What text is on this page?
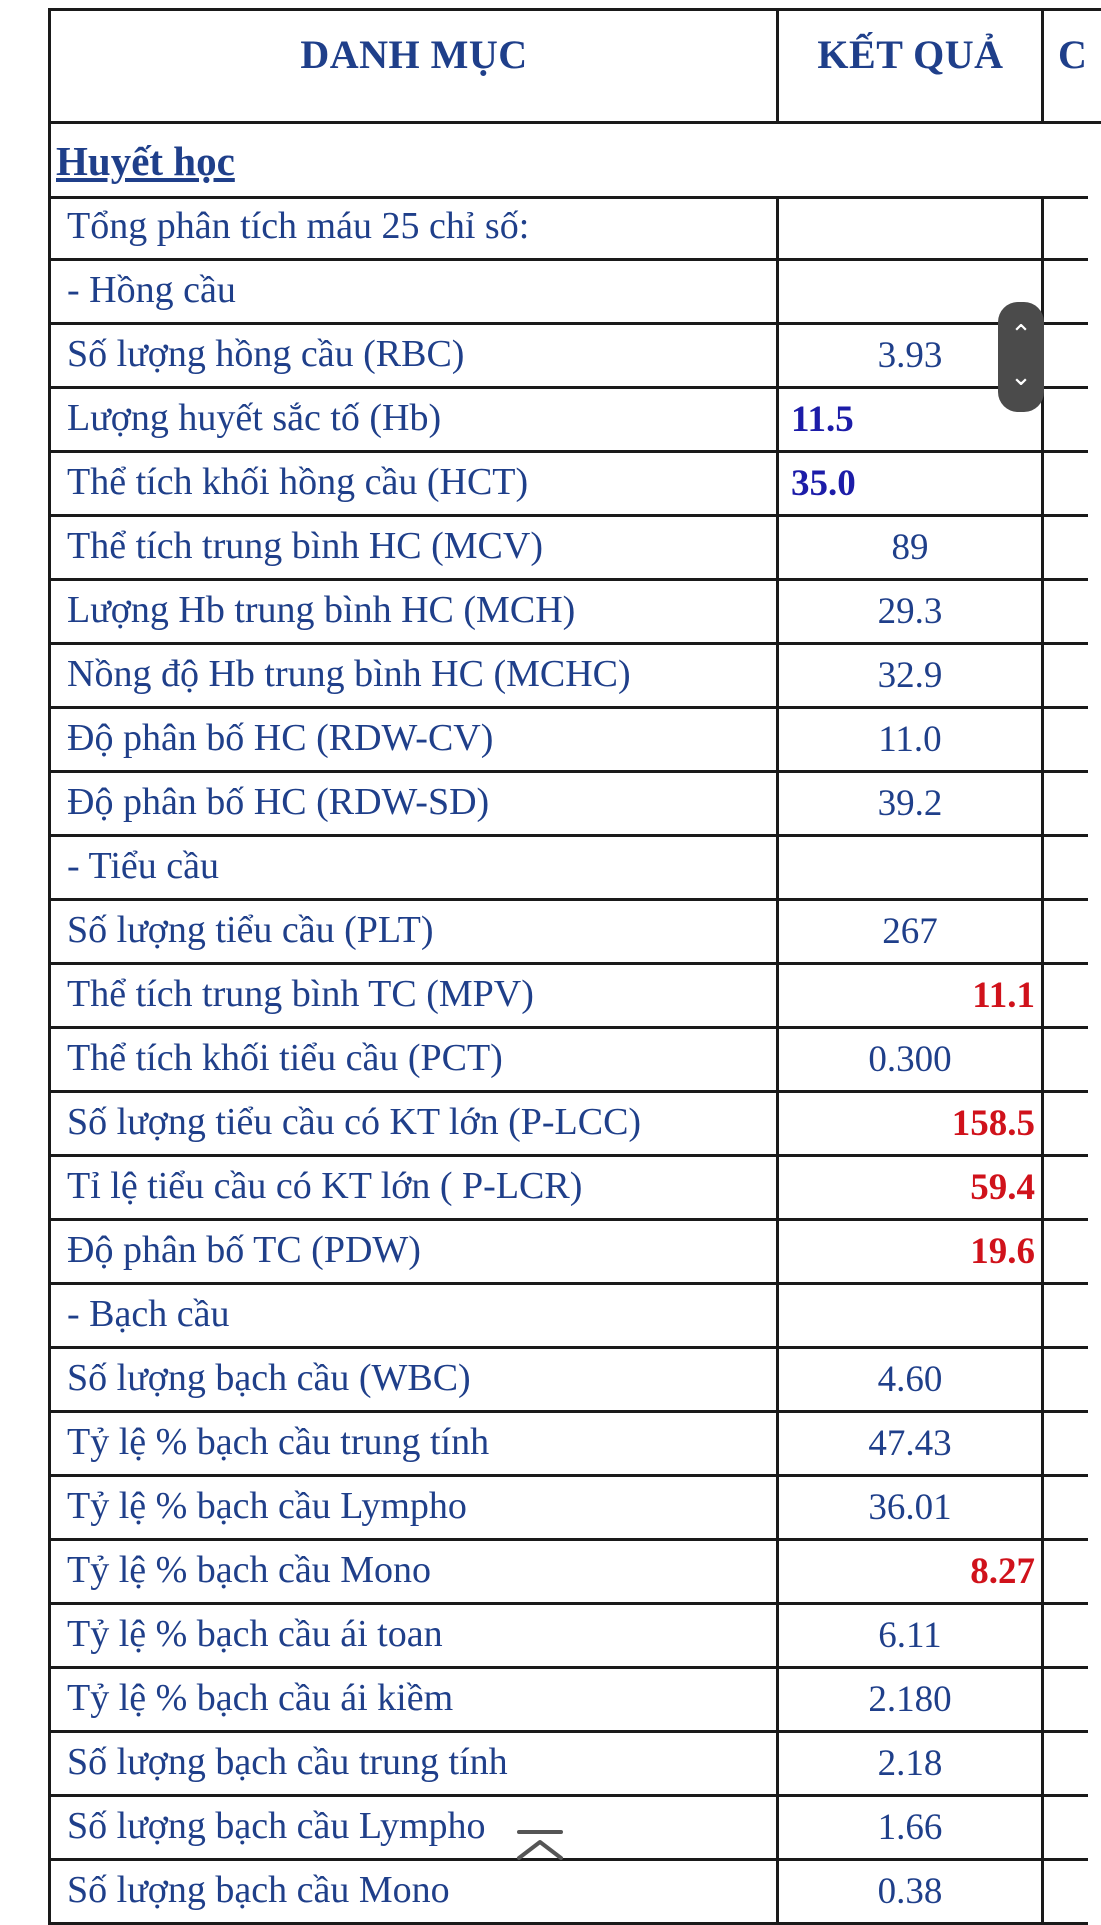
DANH MỤC	KẾT QUẢ	C
Huyết học
Tổng phân tích máu 25 chỉ số:
- Hồng cầu
Số lượng hồng cầu (RBC)	3.93
Lượng huyết sắc tố (Hb)	11.5
Thể tích khối hồng cầu (HCT)	35.0
Thể tích trung bình HC (MCV)	89
Lượng Hb trung bình HC (MCH)	29.3
Nồng độ Hb trung bình HC (MCHC)	32.9
Độ phân bố HC (RDW-CV)	11.0
Độ phân bố HC (RDW-SD)	39.2
- Tiểu cầu
Số lượng tiểu cầu (PLT)	267
Thể tích trung bình TC (MPV)	11.1
Thể tích khối tiểu cầu (PCT)	0.300
Số lượng tiểu cầu có KT lớn (P-LCC)	158.5
Tỉ lệ tiểu cầu có KT lớn ( P-LCR)	59.4
Độ phân bố TC (PDW)	19.6
- Bạch cầu
Số lượng bạch cầu (WBC)	4.60
Tỷ lệ % bạch cầu trung tính	47.43
Tỷ lệ % bạch cầu Lympho	36.01
Tỷ lệ % bạch cầu Mono	8.27
Tỷ lệ % bạch cầu ái toan	6.11
Tỷ lệ % bạch cầu ái kiềm	2.180
Số lượng bạch cầu trung tính	2.18
Số lượng bạch cầu Lympho	1.66
Số lượng bạch cầu Mono	0.38
⌃
⌄
